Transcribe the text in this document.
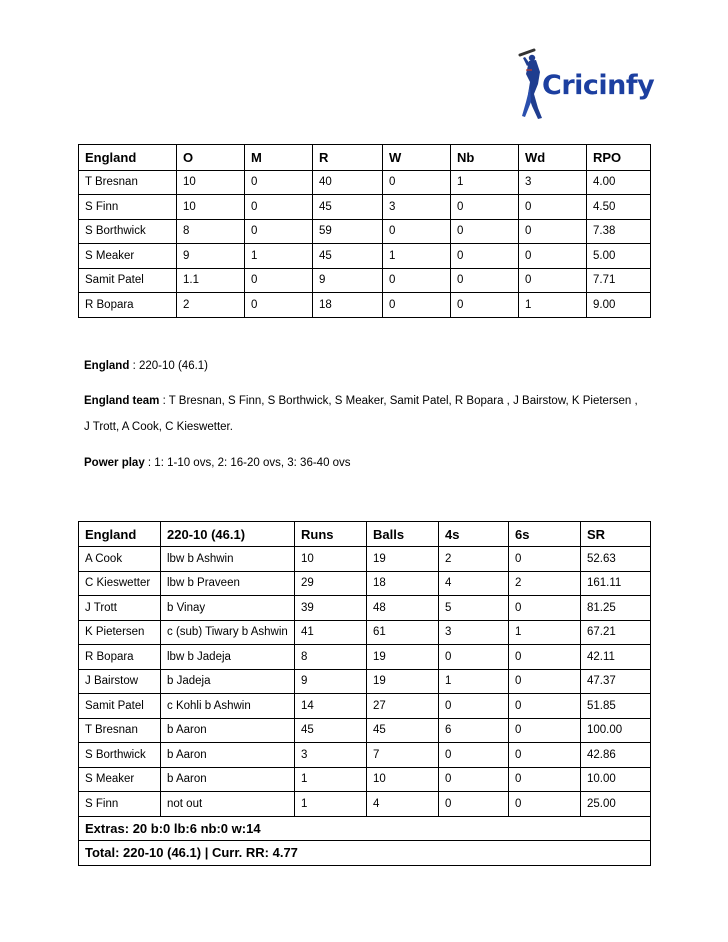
Cricinfy
England	O	M	R	W	Nb	Wd	RPO
T Bresnan	10	0	40	0	1	3	4.00
S Finn	10	0	45	3	0	0	4.50
S Borthwick	8	0	59	0	0	0	7.38
S Meaker	9	1	45	1	0	0	5.00
Samit Patel	1.1	0	9	0	0	0	7.71
R Bopara	2	0	18	0	0	1	9.00
England : 220-10 (46.1)
England team : T Bresnan, S Finn, S Borthwick, S Meaker, Samit Patel, R Bopara , J Bairstow, K Pietersen ,
J Trott, A Cook, C Kieswetter.
Power play : 1: 1-10 ovs, 2: 16-20 ovs, 3: 36-40 ovs
England	220-10 (46.1)	Runs	Balls	4s	6s	SR
A Cook	lbw b Ashwin	10	19	2	0	52.63
C Kieswetter	lbw b Praveen	29	18	4	2	161.11
J Trott	b Vinay	39	48	5	0	81.25
K Pietersen	c (sub) Tiwary b Ashwin	41	61	3	1	67.21
R Bopara	lbw b Jadeja	8	19	0	0	42.11
J Bairstow	b Jadeja	9	19	1	0	47.37
Samit Patel	c Kohli b Ashwin	14	27	0	0	51.85
T Bresnan	b Aaron	45	45	6	0	100.00
S Borthwick	b Aaron	3	7	0	0	42.86
S Meaker	b Aaron	1	10	0	0	10.00
S Finn	not out	1	4	0	0	25.00
Extras: 20 b:0 lb:6 nb:0 w:14						
Total: 220-10 (46.1) | Curr. RR: 4.77						
